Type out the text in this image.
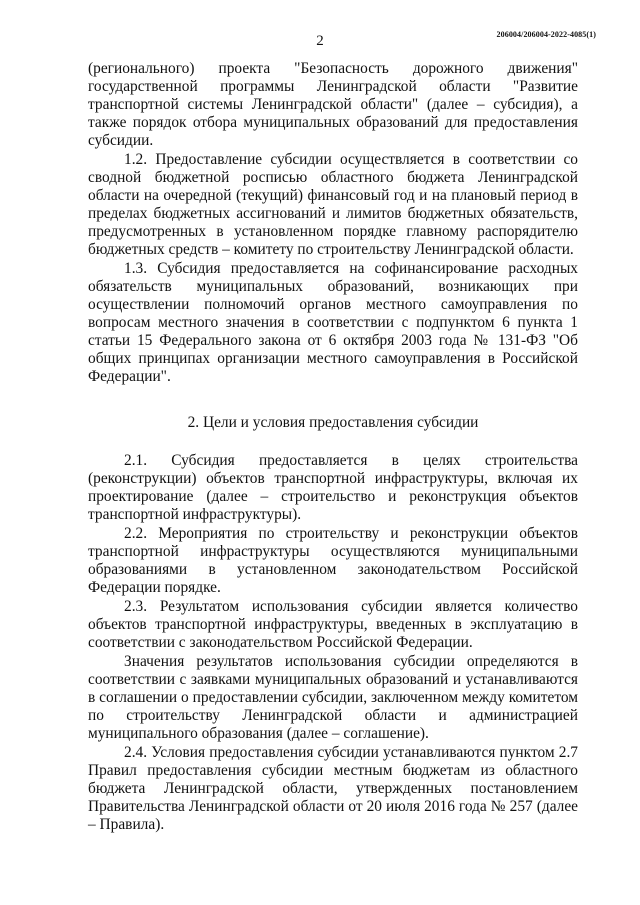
206004/206004-2022-4085(1)
2

(регионального) проекта "Безопасность дорожного движения" государственной программы Ленинградской области "Развитие транспортной системы Ленинградской области" (далее – субсидия), а также порядок отбора муниципальных образований для предоставления субсидии.

1.2. Предоставление субсидии осуществляется в соответствии со сводной бюджетной росписью областного бюджета Ленинградской области на очередной (текущий) финансовый год и на плановый период в пределах бюджетных ассигнований и лимитов бюджетных обязательств, предусмотренных в установленном порядке главному распорядителю бюджетных средств – комитету по строительству Ленинградской области.

1.3. Субсидия предоставляется на софинансирование расходных обязательств муниципальных образований, возникающих при осуществлении полномочий органов местного самоуправления по вопросам местного значения в соответствии с подпунктом 6 пункта 1 статьи 15 Федерального закона от 6 октября 2003 года № 131-ФЗ "Об общих принципах организации местного самоуправления в Российской Федерации".

2. Цели и условия предоставления субсидии

2.1. Субсидия предоставляется в целях строительства (реконструкции) объектов транспортной инфраструктуры, включая их проектирование (далее – строительство и реконструкция объектов транспортной инфраструктуры).

2.2. Мероприятия по строительству и реконструкции объектов транспортной инфраструктуры осуществляются муниципальными образованиями в установленном законодательством Российской Федерации порядке.

2.3. Результатом использования субсидии является количество объектов транспортной инфраструктуры, введенных в эксплуатацию в соответствии с законодательством Российской Федерации.

Значения результатов использования субсидии определяются в соответствии с заявками муниципальных образований и устанавливаются в соглашении о предоставлении субсидии, заключенном между комитетом по строительству Ленинградской области и администрацией муниципального образования (далее – соглашение).

2.4. Условия предоставления субсидии устанавливаются пунктом 2.7 Правил предоставления субсидии местным бюджетам из областного бюджета Ленинградской области, утвержденных постановлением Правительства Ленинградской области от 20 июля 2016 года № 257 (далее – Правила).
